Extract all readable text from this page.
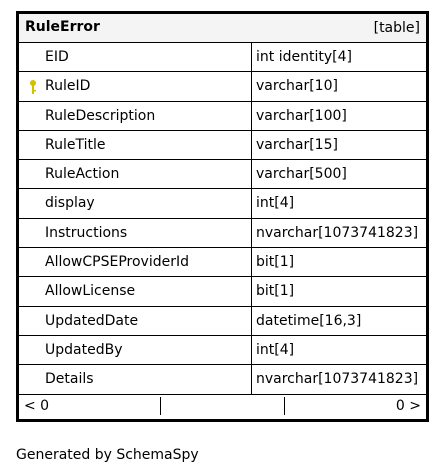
RuleError	[table]
EID	int identity[4]
RuleID	varchar[10]
RuleDescription	varchar[100]
RuleTitle	varchar[15]
RuleAction	varchar[500]
display	int[4]
Instructions	nvarchar[1073741823]
AllowCPSEProviderId	bit[1]
AllowLicense	bit[1]
UpdatedDate	datetime[16,3]
UpdatedBy	int[4]
Details	nvarchar[1073741823]
< 0	0 >
Generated by SchemaSpy
